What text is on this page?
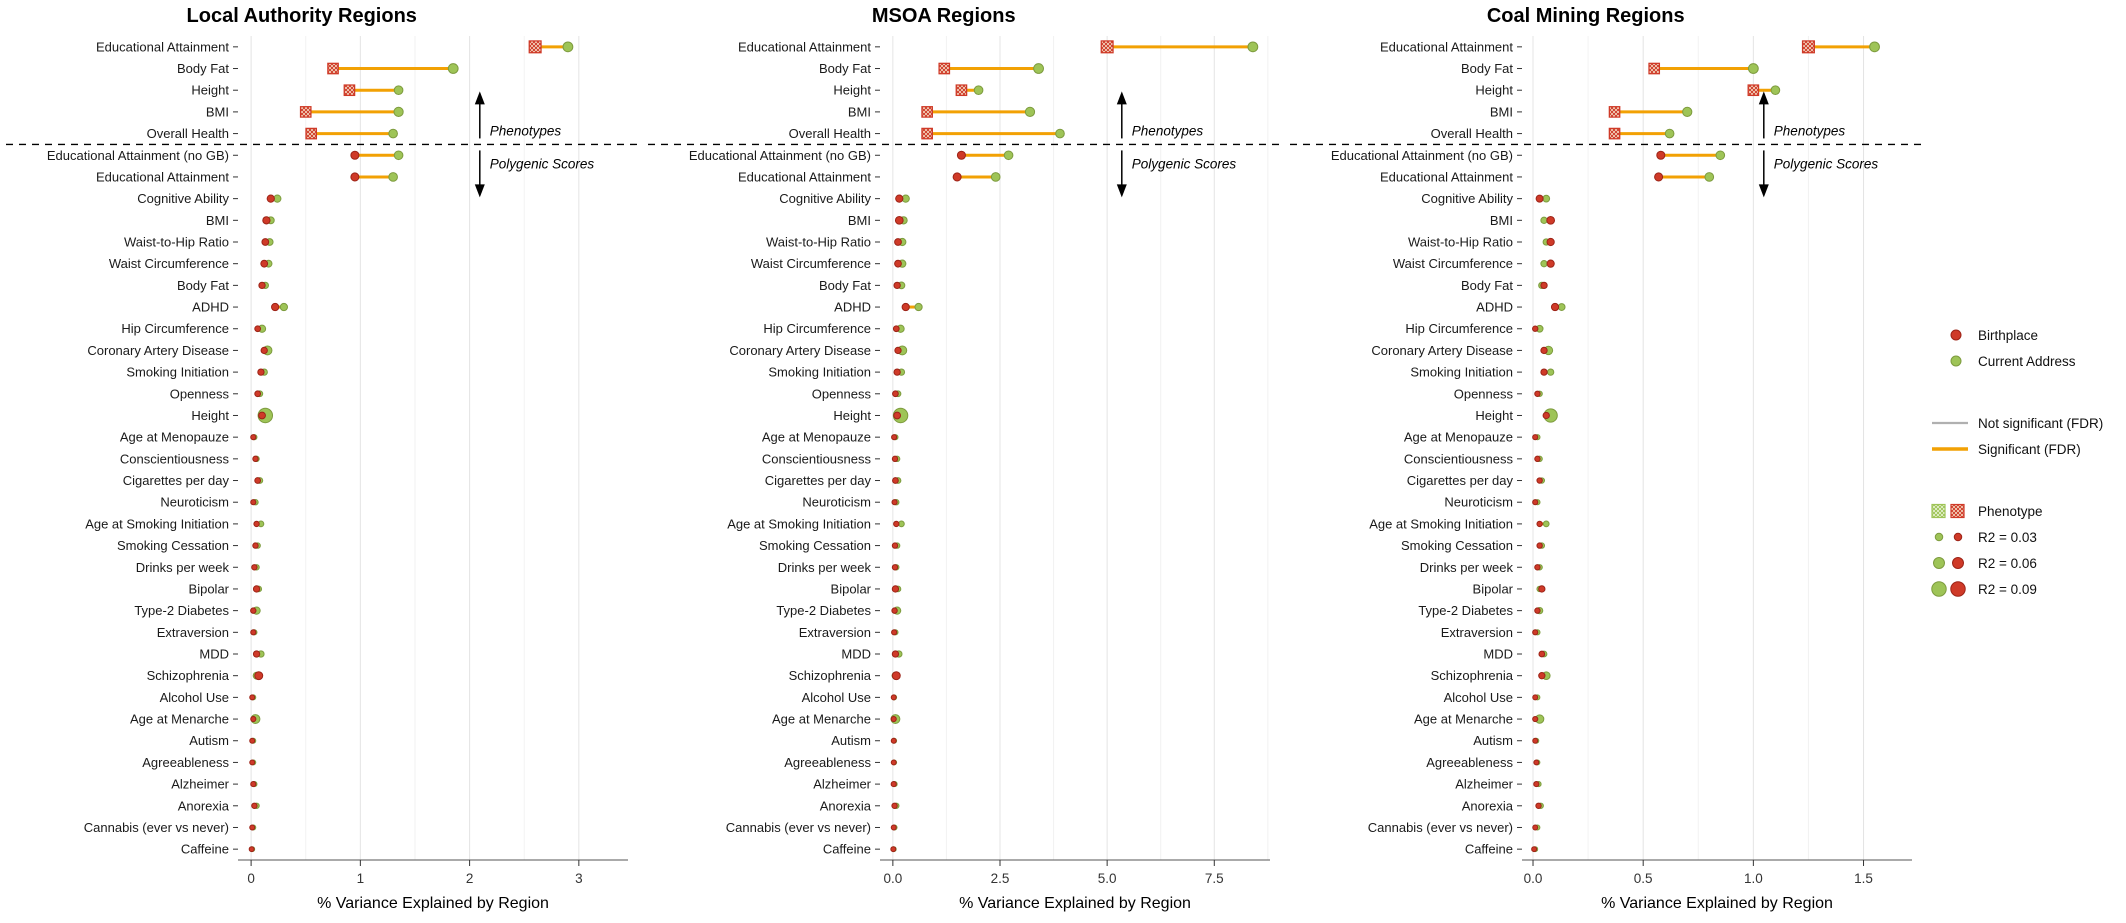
Local Authority Regions
Educational Attainment
Body Fat
Height
BMI
Overall Health
Educational Attainment (no GB)
Educational Attainment
Cognitive Ability
BMI
Waist-to-Hip Ratio
Waist Circumference
Body Fat
ADHD
Hip Circumference
Coronary Artery Disease
Smoking Initiation
Openness
Height
Age at Menopauze
Conscientiousness
Cigarettes per day
Neuroticism
Age at Smoking Initiation
Smoking Cessation
Drinks per week
Bipolar
Type-2 Diabetes
Extraversion
MDD
Schizophrenia
Alcohol Use
Age at Menarche
Autism
Agreeableness
Alzheimer
Anorexia
Cannabis (ever vs never)
Caffeine
Phenotypes
Polygenic Scores
0	1	2	3
% Variance Explained by Region
MSOA Regions
Educational Attainment
Body Fat
Height
BMI
Overall Health
Educational Attainment (no GB)
Educational Attainment
Cognitive Ability
BMI
Waist-to-Hip Ratio
Waist Circumference
Body Fat
ADHD
Hip Circumference
Coronary Artery Disease
Smoking Initiation
Openness
Height
Age at Menopauze
Conscientiousness
Cigarettes per day
Neuroticism
Age at Smoking Initiation
Smoking Cessation
Drinks per week
Bipolar
Type-2 Diabetes
Extraversion
MDD
Schizophrenia
Alcohol Use
Age at Menarche
Autism
Agreeableness
Alzheimer
Anorexia
Cannabis (ever vs never)
Caffeine
Phenotypes
Polygenic Scores
0.0	2.5	5.0	7.5
% Variance Explained by Region
Coal Mining Regions
Educational Attainment
Body Fat
Height
BMI
Overall Health
Educational Attainment (no GB)
Educational Attainment
Cognitive Ability
BMI
Waist-to-Hip Ratio
Waist Circumference
Body Fat
ADHD
Hip Circumference
Coronary Artery Disease
Smoking Initiation
Openness
Height
Age at Menopauze
Conscientiousness
Cigarettes per day
Neuroticism
Age at Smoking Initiation
Smoking Cessation
Drinks per week
Bipolar
Type-2 Diabetes
Extraversion
MDD
Schizophrenia
Alcohol Use
Age at Menarche
Autism
Agreeableness
Alzheimer
Anorexia
Cannabis (ever vs never)
Caffeine
Phenotypes
Polygenic Scores
0.0	0.5	1.0	1.5
% Variance Explained by Region
Birthplace
Current Address
Not significant (FDR)
Significant (FDR)
Phenotype
R2 = 0.03
R2 = 0.06
R2 = 0.09
